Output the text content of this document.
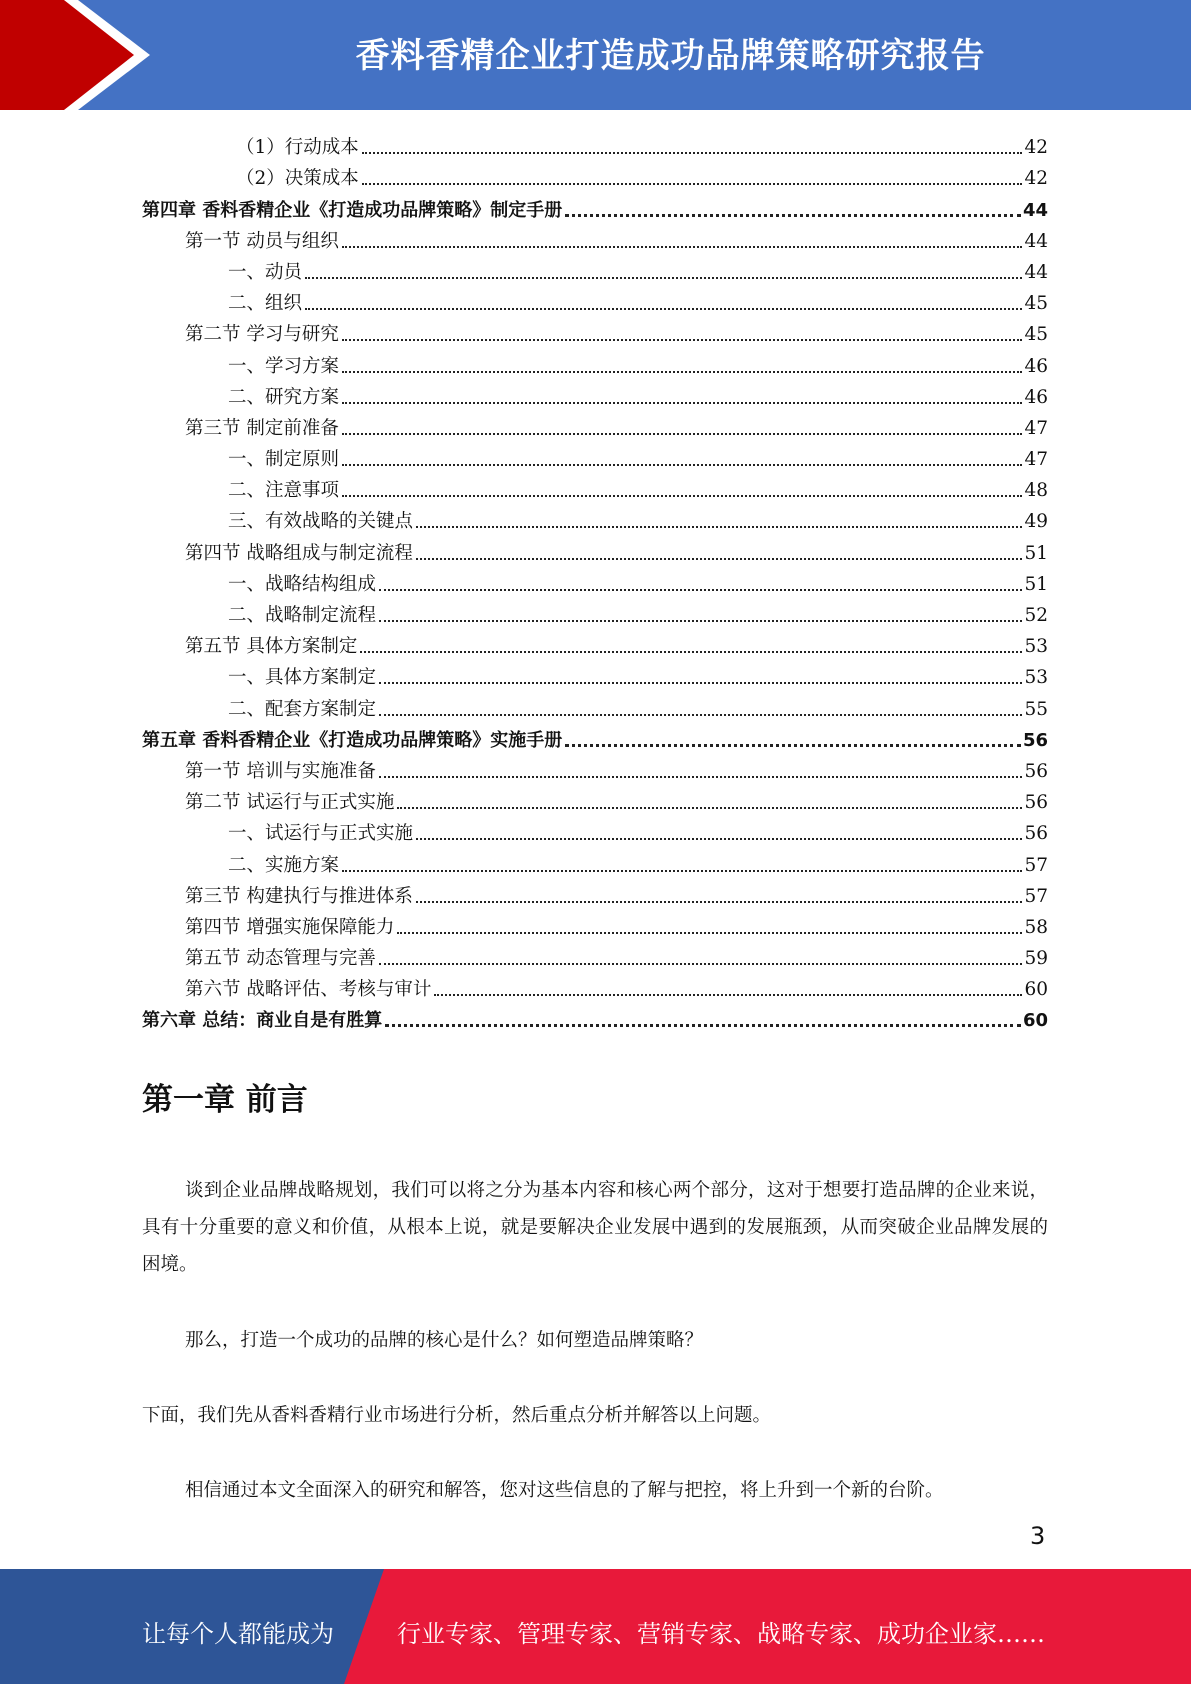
香料香精企业打造成功品牌策略研究报告
（1）行动成本	42
（2）决策成本	42
第四章 香料香精企业《打造成功品牌策略》制定手册	44
第一节 动员与组织	44
一、动员	44
二、组织	45
第二节 学习与研究	45
一、学习方案	46
二、研究方案	46
第三节 制定前准备	47
一、制定原则	47
二、注意事项	48
三、有效战略的关键点	49
第四节 战略组成与制定流程	51
一、战略结构组成	51
二、战略制定流程	52
第五节 具体方案制定	53
一、具体方案制定	53
二、配套方案制定	55
第五章 香料香精企业《打造成功品牌策略》实施手册	56
第一节 培训与实施准备	56
第二节 试运行与正式实施	56
一、试运行与正式实施	56
二、实施方案	57
第三节 构建执行与推进体系	57
第四节 增强实施保障能力	58
第五节 动态管理与完善	59
第六节 战略评估、考核与审计	60
第六章 总结：商业自是有胜算	60
第一章 前言
谈到企业品牌战略规划，我们可以将之分为基本内容和核心两个部分，这对于想要打造品牌的企业来说，具有十分重要的意义和价值，从根本上说，就是要解决企业发展中遇到的发展瓶颈，从而突破企业品牌发展的困境。
那么，打造一个成功的品牌的核心是什么？如何塑造品牌策略？
下面，我们先从香料香精行业市场进行分析，然后重点分析并解答以上问题。
相信通过本文全面深入的研究和解答，您对这些信息的了解与把控，将上升到一个新的台阶。
3
让每个人都能成为	行业专家、管理专家、营销专家、战略专家、成功企业家……
